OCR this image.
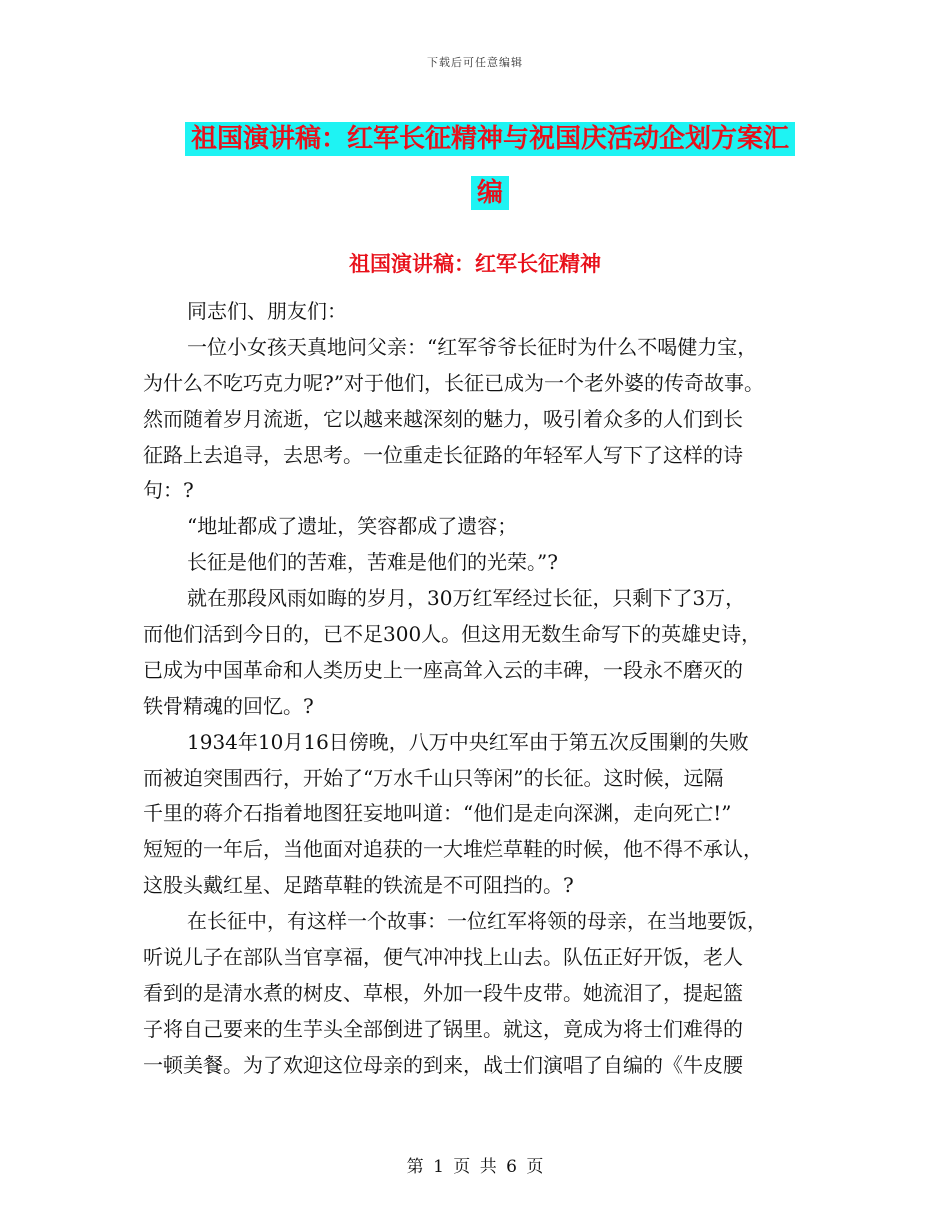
下载后可任意编辑
祖国演讲稿：红军长征精神与祝国庆活动企划方案汇
编
祖国演讲稿：红军长征精神
同志们、朋友们：
一位小女孩天真地问父亲：“红军爷爷长征时为什么不喝健力宝，
为什么不吃巧克力呢?”对于他们，长征已成为一个老外婆的传奇故事。
然而随着岁月流逝，它以越来越深刻的魅力，吸引着众多的人们到长
征路上去追寻，去思考。一位重走长征路的年轻军人写下了这样的诗
句：?
“地址都成了遗址，笑容都成了遗容；
长征是他们的苦难，苦难是他们的光荣。”?
就在那段风雨如晦的岁月，30万红军经过长征，只剩下了3万，
而他们活到今日的，已不足300人。但这用无数生命写下的英雄史诗，
已成为中国革命和人类历史上一座高耸入云的丰碑，一段永不磨灭的
铁骨精魂的回忆。?
1934年10月16日傍晚，八万中央红军由于第五次反围剿的失败
而被迫突围西行，开始了“万水千山只等闲”的长征。这时候，远隔
千里的蒋介石指着地图狂妄地叫道：“他们是走向深渊，走向死亡!”
短短的一年后，当他面对追获的一大堆烂草鞋的时候，他不得不承认，
这股头戴红星、足踏草鞋的铁流是不可阻挡的。?
在长征中，有这样一个故事：一位红军将领的母亲，在当地要饭，
听说儿子在部队当官享福，便气冲冲找上山去。队伍正好开饭，老人
看到的是清水煮的树皮、草根，外加一段牛皮带。她流泪了，提起篮
子将自己要来的生芋头全部倒进了锅里。就这，竟成为将士们难得的
一顿美餐。为了欢迎这位母亲的到来，战士们演唱了自编的《牛皮腰
第 1 页 共 6 页
